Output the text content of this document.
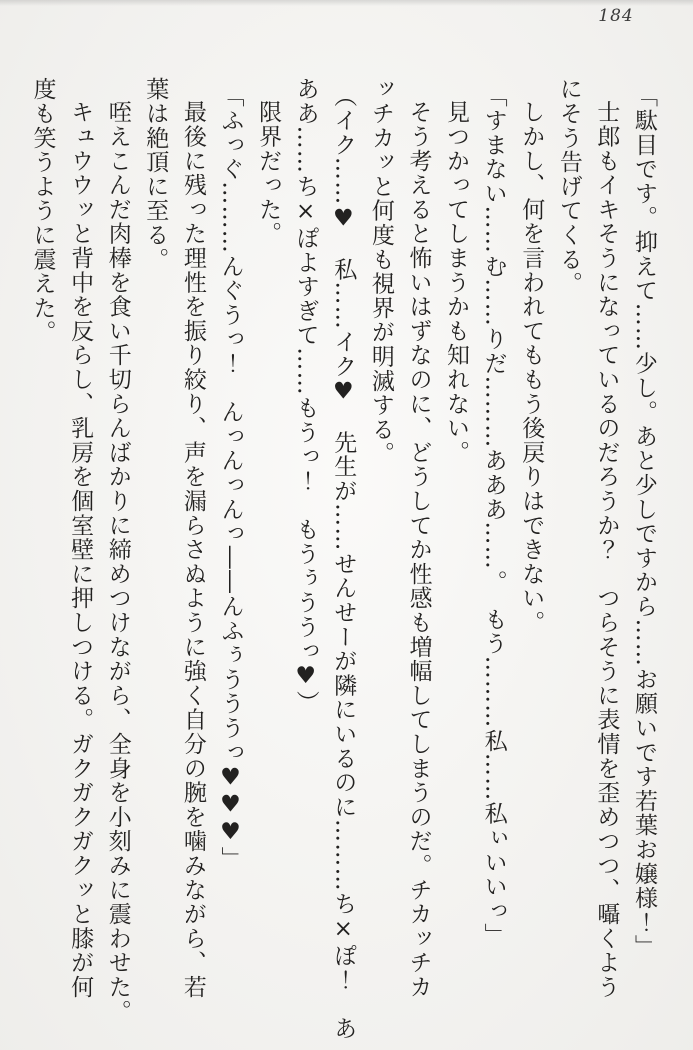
184

「駄目です。抑えて……少し。あと少しですから……お願いです若葉お嬢様！」

士郎もイキそうになっているのだろうか？　つらそうに表情を歪めつつ、囁くよう

にそう告げてくる。

しかし、何を言われてももう後戻りはできない。

「すまない……む……りだ………あああ……。　もう………私……私ぃいいっ」

見つかってしまうかも知れない。

そう考えると怖いはずなのに、どうしてか性感も増幅してしまうのだ。チカッチカ

ッチカッと何度も視界が明滅する。

（イク……♥　私……イク♥　先生が……せんせーが隣にいるのに………ち×ぽ！　あ

ああ……ち×ぽよすぎて……もうっ！　もうぅううっ♥）

限界だった。

「ふっぐ………んぐうっ！　んっんっんっ――んふぅうううっ♥♥♥」

最後に残った理性を振り絞り、声を漏らさぬように強く自分の腕を噛みながら、若

葉は絶頂に至る。

咥えこんだ肉棒を食い千切らんばかりに締めつけながら、全身を小刻みに震わせた。

キュウウッと背中を反らし、乳房を個室壁に押しつける。ガクガクガクッと膝が何

度も笑うように震えた。
